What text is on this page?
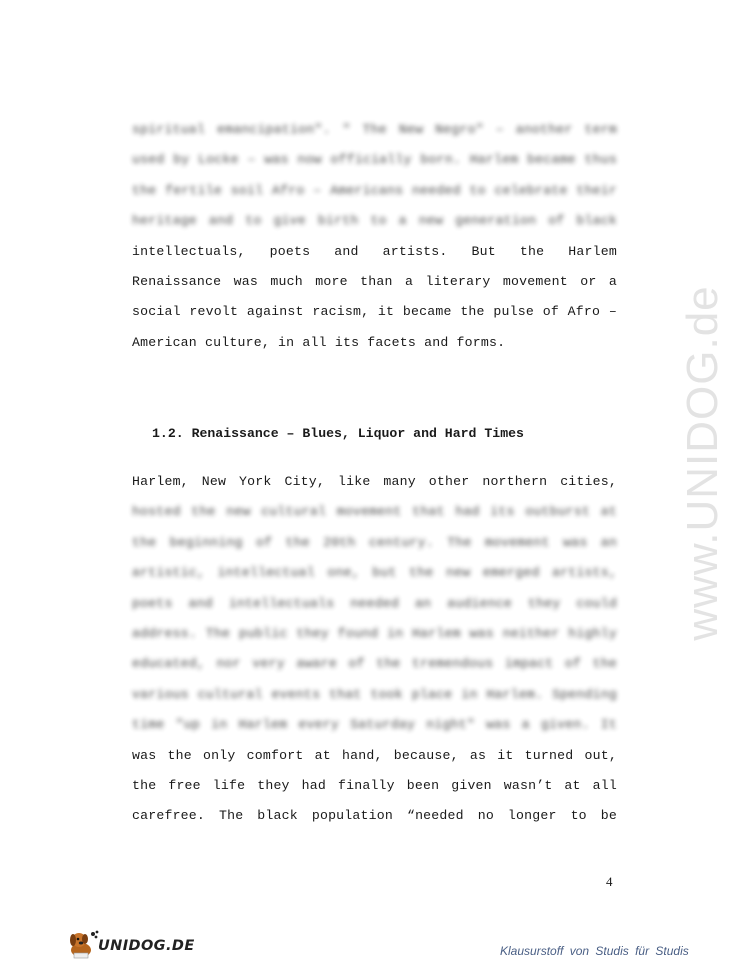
www.UNIDOG.de
spiritual emancipation". " The New Negro" – another term
used by Locke – was now officially born. Harlem became thus
the fertile soil Afro – Americans needed to celebrate their
heritage and to give birth to a new generation of black
intellectuals, poets and artists. But the Harlem
Renaissance was much more than a literary movement or a
social revolt against racism, it became the pulse of Afro –
American culture, in all its facets and forms.
1.2. Renaissance – Blues, Liquor and Hard Times
Harlem, New York City, like many other northern cities,
hosted the new cultural movement that had its outburst at
the beginning of the 20th century. The movement was an
artistic, intellectual one, but the new emerged artists,
poets and intellectuals needed an audience they could
address. The public they found in Harlem was neither highly
educated, nor very aware of the tremendous impact of the
various cultural events that took place in Harlem. Spending
time "up in Harlem every Saturday night" was a given. It
was the only comfort at hand, because, as it turned out,
the free life they had finally been given wasn’t at all
carefree. The black population “needed no longer to be
4
UNIDOG.DE	Klausurstoff von Studis für Studis
